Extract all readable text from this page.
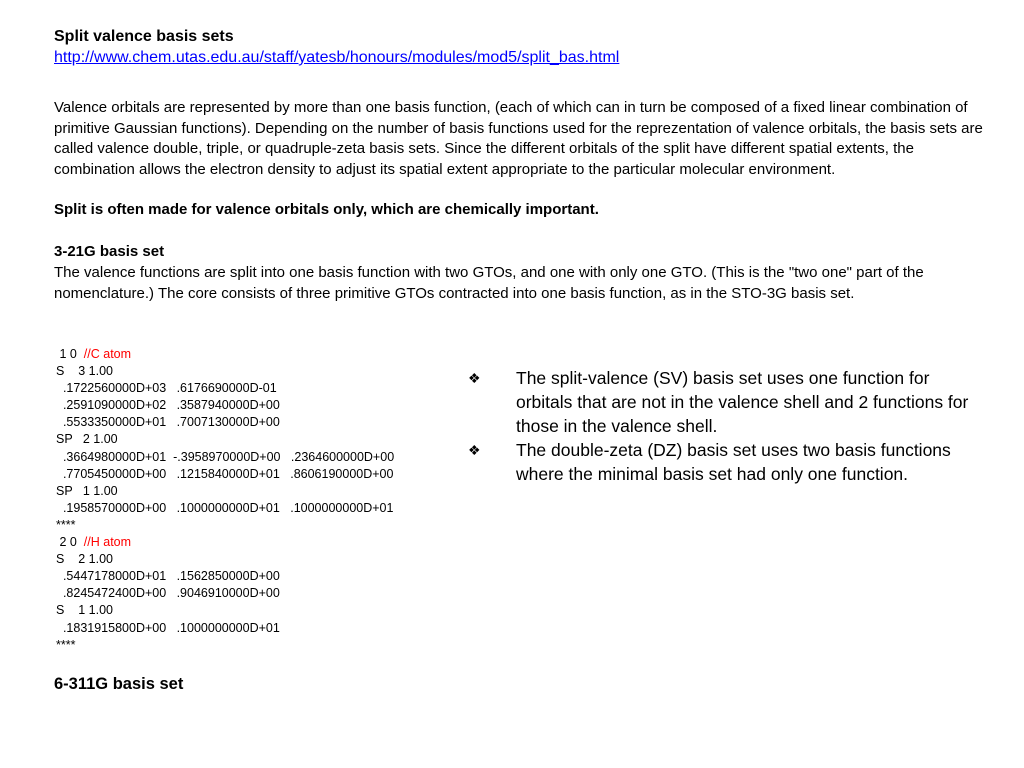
Split valence basis sets
http://www.chem.utas.edu.au/staff/yatesb/honours/modules/mod5/split_bas.html
Valence orbitals are represented by more than one basis function, (each of which can in turn be composed of a fixed linear combination of primitive Gaussian functions). Depending on the number of basis functions used for the reprezentation of valence orbitals, the basis sets are called valence double, triple, or quadruple-zeta basis sets. Since the different orbitals of the split have different spatial extents, the combination allows the electron density to adjust its spatial extent appropriate to the particular molecular environment.
Split is often made for valence orbitals only, which are chemically important.
3-21G basis set
The valence functions are split into one basis function with two GTOs, and one with only one GTO. (This is the "two one" part of the nomenclature.) The core consists of three primitive GTOs contracted into one basis function, as in the STO-3G basis set.
1 0  //C atom
S    3 1.00
.1722560000D+03   .6176690000D-01
.2591090000D+02   .3587940000D+00
.5533350000D+01   .7007130000D+00
SP   2 1.00
.3664980000D+01  -.3958970000D+00   .2364600000D+00
.7705450000D+00   .1215840000D+01   .8606190000D+00
SP   1 1.00
.1958570000D+00   .1000000000D+01   .1000000000D+01
****
2 0  //H atom
S    2 1.00
.5447178000D+01   .1562850000D+00
.8245472400D+00   .9046910000D+00
S    1 1.00
.1831915800D+00   .1000000000D+01
****
❖	The split-valence (SV) basis set uses one function for orbitals that are not in the valence shell and 2 functions for those in the valence shell.
❖	The double-zeta (DZ) basis set uses two basis functions where the minimal basis set had only one function.
6-311G basis set
